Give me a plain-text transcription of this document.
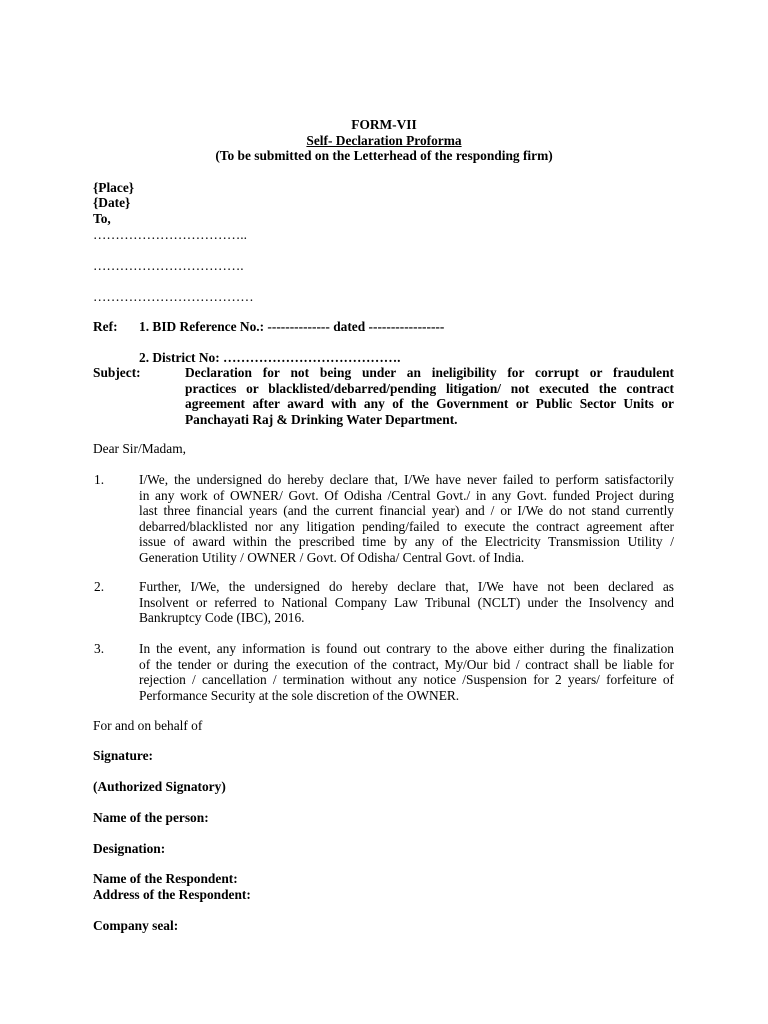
FORM-VII
Self- Declaration Proforma
(To be submitted on the Letterhead of the responding firm)
{Place}
{Date}
To,
……………………………..
…………………………….
………………………………
Ref: 1. BID Reference No.: -------------- dated -----------------
2. District No: ………………………………….
Subject:	Declaration for not being under an ineligibility for corrupt or fraudulent
practices or blacklisted/debarred/pending litigation/ not executed the contract
agreement after award with any of the Government or Public Sector Units or
Panchayati Raj & Drinking Water Department.
Dear Sir/Madam,
1.	I/We, the undersigned do hereby declare that, I/We have never failed to perform satisfactorily
in any work of OWNER/ Govt. Of Odisha /Central Govt./ in any Govt. funded Project during
last three financial years (and the current financial year) and / or I/We do not stand currently
debarred/blacklisted nor any litigation pending/failed to execute the contract agreement after
issue of award within the prescribed time by any of the Electricity Transmission Utility /
Generation Utility / OWNER / Govt. Of Odisha/ Central Govt. of India.
2.	Further, I/We, the undersigned do hereby declare that, I/We have not been declared as
Insolvent or referred to National Company Law Tribunal (NCLT) under the Insolvency and
Bankruptcy Code (IBC), 2016.
3.	In the event, any information is found out contrary to the above either during the finalization
of the tender or during the execution of the contract, My/Our bid / contract shall be liable for
rejection / cancellation / termination without any notice /Suspension for 2 years/ forfeiture of
Performance Security at the sole discretion of the OWNER.
For and on behalf of
Signature:
(Authorized Signatory)
Name of the person:
Designation:
Name of the Respondent:
Address of the Respondent:
Company seal:
